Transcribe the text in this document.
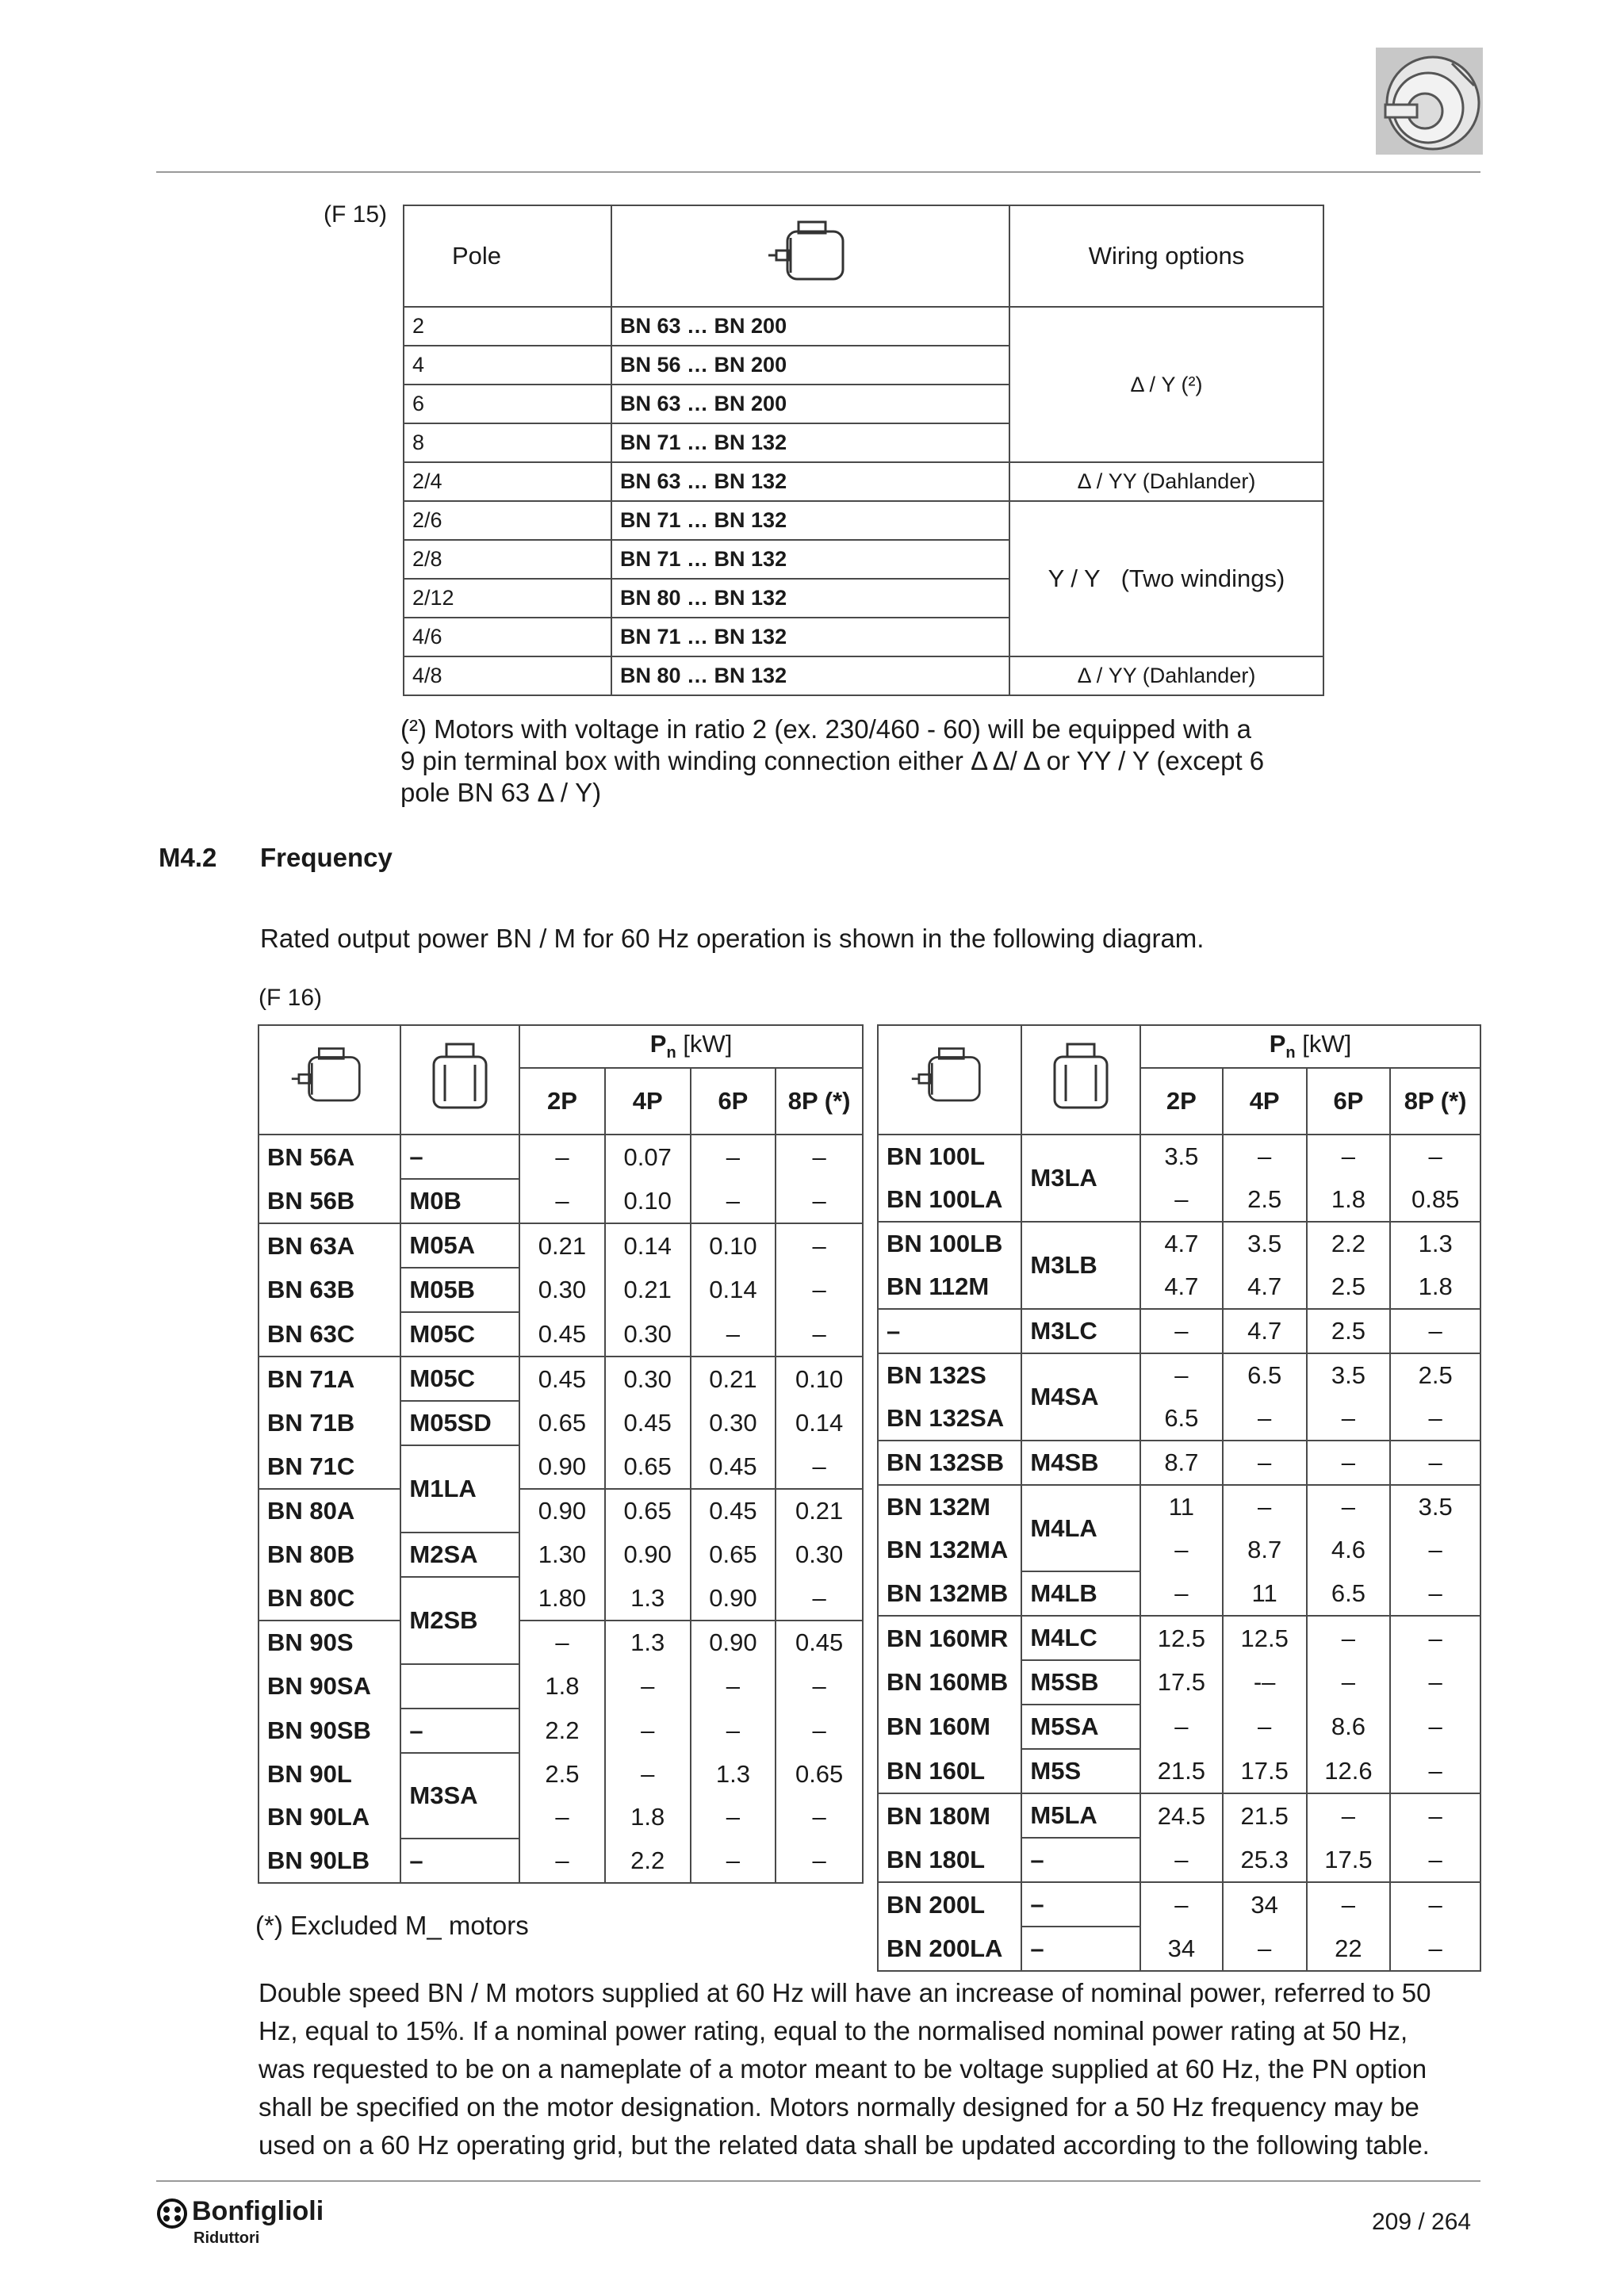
(F 15)
Pole		Wiring options
2	BN 63 … BN 200	Δ / Y (²)
4	BN 56 … BN 200	
6	BN 63 … BN 200	
8	BN 71 … BN 132	
2/4	BN 63 … BN 132	Δ / YY (Dahlander)
2/6	BN 71 … BN 132	Y / Y (Two windings)
2/8	BN 71 … BN 132	
2/12	BN 80 … BN 132	
4/6	BN 71 … BN 132	
4/8	BN 80 … BN 132	Δ / YY (Dahlander)
(²) Motors with voltage in ratio 2 (ex. 230/460 - 60) will be equipped with a
9 pin terminal box with winding connection either Δ Δ/ Δ or YY / Y (except 6
pole BN 63 Δ / Y)
M4.2 Frequency
Rated output power BN / M for 60 Hz operation is shown in the following diagram.
(F 16)
		$P_n$ [kW]			
		2P	4P	6P	8P (*)
BN 56A	–	–	0.07	–	–
BN 56B	M0B	–	0.10	–	–
BN 63A	M05A	0.21	0.14	0.10	–
BN 63B	M05B	0.30	0.21	0.14	–
BN 63C	M05C	0.45	0.30	–	–
BN 71A	M05C	0.45	0.30	0.21	0.10
BN 71B	M05SD	0.65	0.45	0.30	0.14
BN 71C	M1LA	0.90	0.65	0.45	–
BN 80A		0.90	0.65	0.45	0.21
BN 80B	M2SA	1.30	0.90	0.65	0.30
BN 80C	M2SB	1.80	1.3	0.90	–
BN 90S		–	1.3	0.90	0.45
BN 90SA		1.8	–	–	–
BN 90SB	–	2.2	–	–	–
BN 90L	M3SA	2.5	–	1.3	0.65
BN 90LA		–	1.8	–	–
BN 90LB	–	–	2.2	–	–
		$P_n$ [kW]			
		2P	4P	6P	8P (*)
BN 100L	M3LA	3.5	–	–	–
BN 100LA		–	2.5	1.8	0.85
BN 100LB	M3LB	4.7	3.5	2.2	1.3
BN 112M		4.7	4.7	2.5	1.8
–	M3LC	–	4.7	2.5	–
BN 132S	M4SA	–	6.5	3.5	2.5
BN 132SA		6.5	–	–	–
BN 132SB	M4SB	8.7	–	–	–
BN 132M	M4LA	11	–	–	3.5
BN 132MA		–	8.7	4.6	–
BN 132MB	M4LB	–	11	6.5	–
BN 160MR	M4LC	12.5	12.5	–	–
BN 160MB	M5SB	17.5	-–	–	–
BN 160M	M5SA	–	–	8.6	–
BN 160L	M5S	21.5	17.5	12.6	–
BN 180M	M5LA	24.5	21.5	–	–
BN 180L	–	–	25.3	17.5	–
BN 200L	–	–	34	–	–
BN 200LA	–	34	–	22	–
(*) Excluded M_ motors
Double speed BN / M motors supplied at 60 Hz will have an increase of nominal power, referred to 50
Hz, equal to 15%. If a nominal power rating, equal to the normalised nominal power rating at 50 Hz,
was requested to be on a nameplate of a motor meant to be voltage supplied at 60 Hz, the PN option
shall be specified on the motor designation. Motors normally designed for a 50 Hz frequency may be
used on a 60 Hz operating grid, but the related data shall be updated according to the following table.
Bonfiglioli
Riduttori
209 / 264
